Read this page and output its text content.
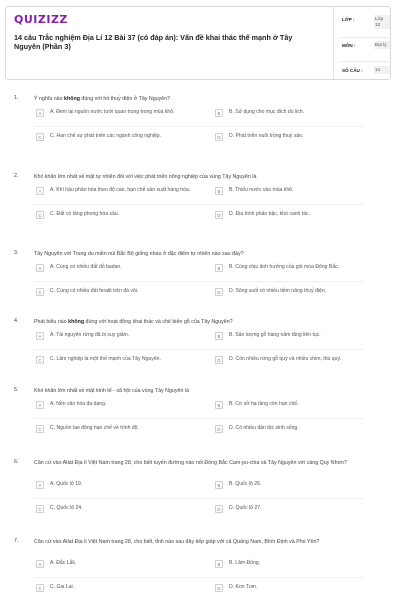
QUIZIZZ
14 câu Trắc nghiệm Địa Lí 12 Bài 37 (có đáp án): Vấn đề khai thác thế mạnh ở Tây Nguyên (Phần 3)
LỚP :	Lớp 12
MÔN :	Địa lý
SỐ CÂU :	14
1.	Ý nghĩa nào không đúng với hồ thuỷ điện ở Tây Nguyên?
A	A. Đem lại nguồn nước tưới quan trọng trong mùa khô.	B	B. Sử dụng cho mục đích du lịch.
C	C. Hạn chế sự phát triển các ngành công nghiệp.	D	D. Phát triển nuôi trồng thuỷ sản.
2.	Khó khăn lớn nhất về mặt tự nhiên đối với việc phát triển nông nghiệp của vùng Tây Nguyên là
A	A. Khí hậu phân hóa theo độ cao, hạn chế sản xuất hàng hóa.	B	B. Thiếu nước vào mùa khô.
C	C. Đất có tầng phong hóa sâu.	D	D. Địa hình phân bậc, khó canh tác.
3.	Tây Nguyên với Trung du miền núi Bắc Bộ giống nhau ở đặc điểm tự nhiên nào sau đây?
A	A. Cùng có nhiều đất đỏ badan.	B	B. Cùng chịu ảnh hưởng của gió mùa Đông Bắc.
C	C. Cùng có nhiều đất feralit trên đá vôi.	D	D. Sông suối có nhiều tiềm năng thuỷ điện.
4.	Phát biểu nào không đúng với hoạt động khai thác và chế biến gỗ của Tây Nguyên?
A	A. Tài nguyên rừng đã bị suy giảm.	B	B. Sản lượng gỗ hàng năm tăng liên tục.
C	C. Lâm nghiệp là một thế mạnh của Tây Nguyên.	D	D. Còn nhiều rừng gỗ quý và nhiều chim, thú quý.
5.	Khó khăn lớn nhất về mặt kinh tế - xã hội của vùng Tây Nguyên là
A	A. Nền văn hóa đa dạng.	B	B. Cơ sở hạ tầng còn hạn chế.
C	C. Nguồn lao động hạn chế về trình độ.	D	D. Có nhiều dân tộc sinh sống.
6.	Căn cứ vào Atlat Địa lí Việt Nam trang 28, cho biết tuyến đường nào nối Đông Bắc Cam-pu-chia và Tây Nguyên với cảng Quy Nhơn?
A	A. Quốc lộ 19.	B	B. Quốc lộ 26.
C	C. Quốc lộ 24.	D	D. Quốc lộ 27.
7.	Căn cứ vào Atlat Địa lí Việt Nam trang 28, cho biết, tỉnh nào sau đây tiếp giáp với cả Quảng Nam, Bình Định và Phú Yên?
A	A. Đắc Lắk.	B	B. Lâm Đồng.
C	C. Gia Lai.	D	D. Kon Tum.
